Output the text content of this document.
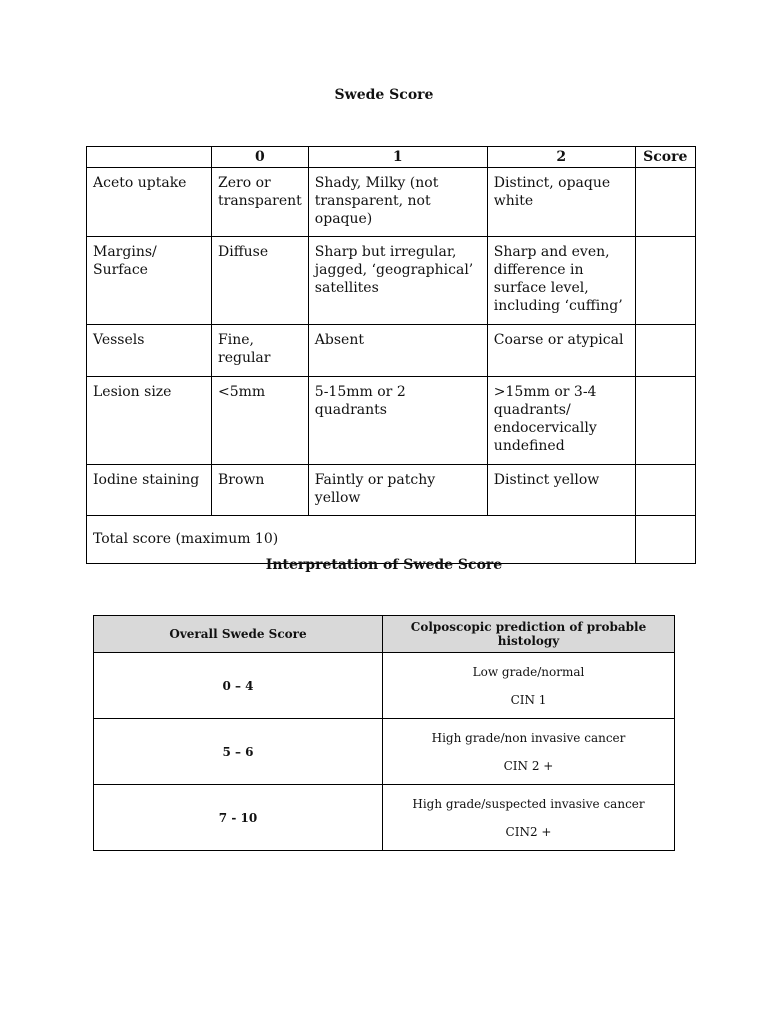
Swede Score
	0	1	2	Score
Aceto uptake	Zero or transparent	Shady, Milky (not transparent, not opaque)	Distinct, opaque white	
Margins/ Surface	Diffuse	Sharp but irregular, jagged, ‘geographical’ satellites	Sharp and even, difference in surface level, including ‘cuffing’	
Vessels	Fine, regular	Absent	Coarse or atypical	
Lesion size	<5mm	5-15mm or 2 quadrants	>15mm or 3-4 quadrants/ endocervically undefined	
Iodine staining	Brown	Faintly or patchy yellow	Distinct yellow	
Total score (maximum 10)				
Interpretation of Swede Score
Overall Swede Score	Colposcopic prediction of probable histology
0 – 4	Low grade/normal
CIN 1

5 – 6	High grade/non invasive cancer
CIN 2 +

7 - 10	High grade/suspected invasive cancer
CIN2 +
